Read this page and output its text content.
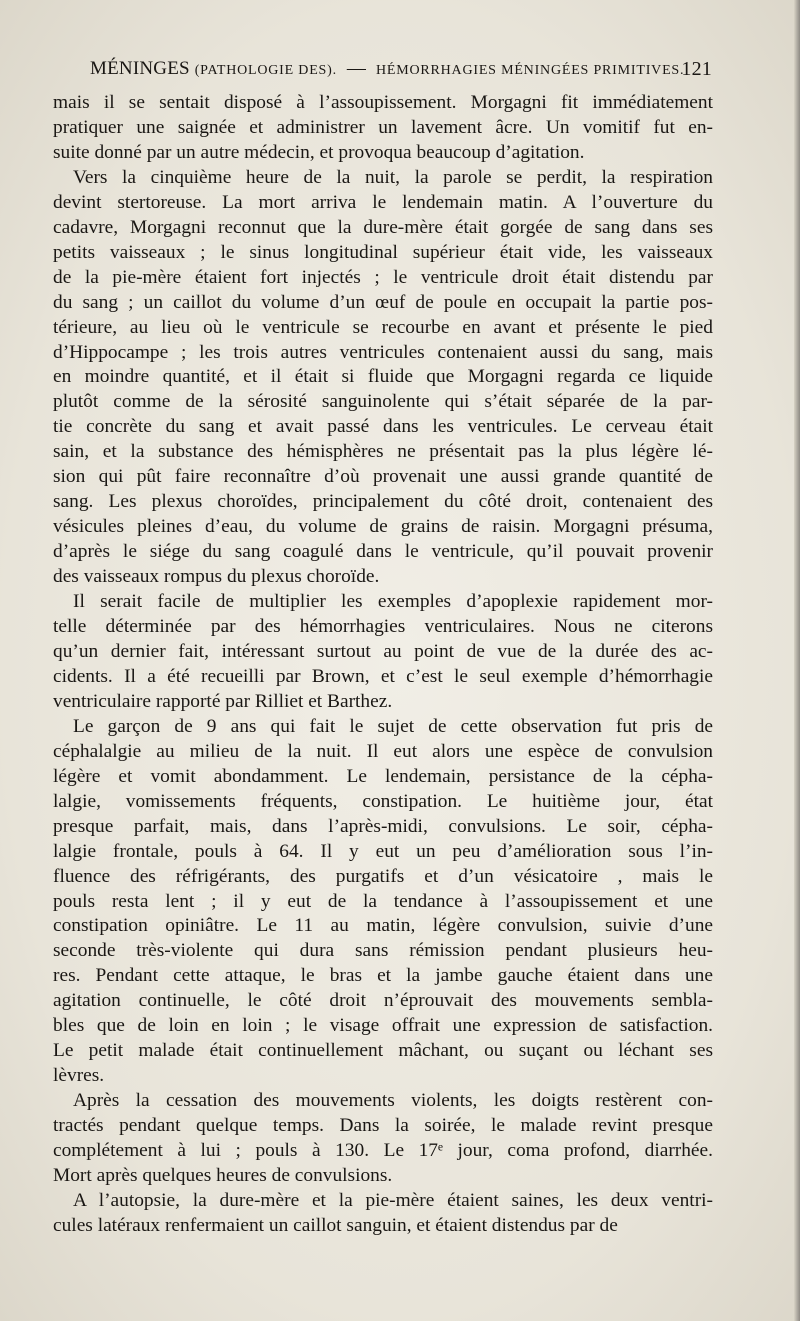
MÉNINGES (PATHOLOGIE DES). — HÉMORRHAGIES MÉNINGÉES PRIMITIVES.
121

mais il se sentait disposé à l’assoupissement. Morgagni fit immédiatement
pratiquer une saignée et administrer un lavement âcre. Un vomitif fut en-
suite donné par un autre médecin, et provoqua beaucoup d’agitation.

Vers la cinquième heure de la nuit, la parole se perdit, la respiration
devint stertoreuse. La mort arriva le lendemain matin. A l’ouverture du
cadavre, Morgagni reconnut que la dure-mère était gorgée de sang dans ses
petits vaisseaux ; le sinus longitudinal supérieur était vide, les vaisseaux
de la pie-mère étaient fort injectés ; le ventricule droit était distendu par
du sang ; un caillot du volume d’un œuf de poule en occupait la partie pos-
térieure, au lieu où le ventricule se recourbe en avant et présente le pied
d’Hippocampe ; les trois autres ventricules contenaient aussi du sang, mais
en moindre quantité, et il était si fluide que Morgagni regarda ce liquide
plutôt comme de la sérosité sanguinolente qui s’était séparée de la par-
tie concrète du sang et avait passé dans les ventricules. Le cerveau était
sain, et la substance des hémisphères ne présentait pas la plus légère lé-
sion qui pût faire reconnaître d’où provenait une aussi grande quantité de
sang. Les plexus choroïdes, principalement du côté droit, contenaient des
vésicules pleines d’eau, du volume de grains de raisin. Morgagni présuma,
d’après le siége du sang coagulé dans le ventricule, qu’il pouvait provenir
des vaisseaux rompus du plexus choroïde.

Il serait facile de multiplier les exemples d’apoplexie rapidement mor-
telle déterminée par des hémorrhagies ventriculaires. Nous ne citerons
qu’un dernier fait, intéressant surtout au point de vue de la durée des ac-
cidents. Il a été recueilli par Brown, et c’est le seul exemple d’hémorrhagie
ventriculaire rapporté par Rilliet et Barthez.

Le garçon de 9 ans qui fait le sujet de cette observation fut pris de
céphalalgie au milieu de la nuit. Il eut alors une espèce de convulsion
légère et vomit abondamment. Le lendemain, persistance de la cépha-
lalgie, vomissements fréquents, constipation. Le huitième jour, état
presque parfait, mais, dans l’après-midi, convulsions. Le soir, cépha-
lalgie frontale, pouls à 64. Il y eut un peu d’amélioration sous l’in-
fluence des réfrigérants, des purgatifs et d’un vésicatoire , mais le
pouls resta lent ; il y eut de la tendance à l’assoupissement et une
constipation opiniâtre. Le 11 au matin, légère convulsion, suivie d’une
seconde très-violente qui dura sans rémission pendant plusieurs heu-
res. Pendant cette attaque, le bras et la jambe gauche étaient dans une
agitation continuelle, le côté droit n’éprouvait des mouvements sembla-
bles que de loin en loin ; le visage offrait une expression de satisfaction.
Le petit malade était continuellement mâchant, ou suçant ou léchant ses
lèvres.

Après la cessation des mouvements violents, les doigts restèrent con-
tractés pendant quelque temps. Dans la soirée, le malade revint presque
complétement à lui ; pouls à 130. Le 17ᵉ jour, coma profond, diarrhée.
Mort après quelques heures de convulsions.

A l’autopsie, la dure-mère et la pie-mère étaient saines, les deux ventri-
cules latéraux renfermaient un caillot sanguin, et étaient distendus par de
